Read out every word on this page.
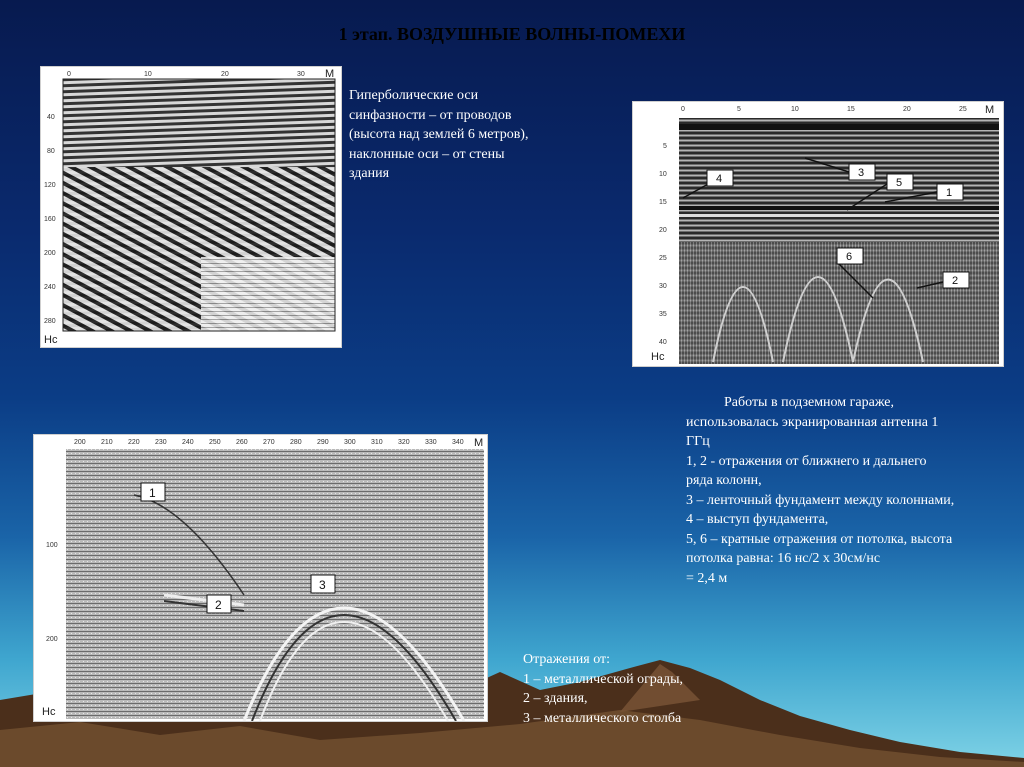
1 этап. ВОЗДУШНЫЕ ВОЛНЫ-ПОМЕХИ
0	10	20	30 M
40
80
120
160
200
240
280
Нс
Гиперболические оси
синфазности – от проводов
(высота над землей 6 метров),
наклонные оси – от стены
здания
0	5	10	15	20	25 M
5
10
15
20
25
30
35
40
Нс
3
4	5
1
6
2
Работы в подземном гараже,
использовалась экранированная антенна 1
ГГц
1, 2 - отражения от ближнего и дальнего
ряда колонн,
3 – ленточный фундамент между колоннами,
4 – выступ фундамента,
5, 6 – кратные отражения от потолка, высота
потолка равна: 16 нс/2 х 30см/нс
= 2,4 м
200 210 220 230 240 250 260 270 280 290 300 310 320 330 340 M
100
200
Нс
1
2
3
Отражения от:
1 – металлической ограды,
2 – здания,
3 – металлического столба
